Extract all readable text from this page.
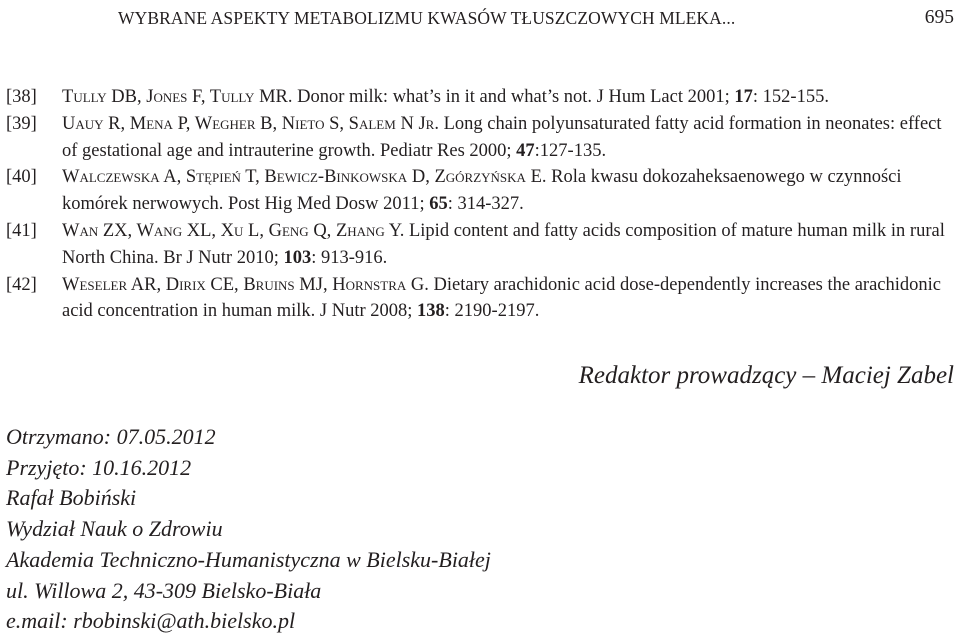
WYBRANE ASPEKTY METABOLIZMU KWASÓW TŁUSZCZOWYCH MLEKA...	695
[38] Tully DB, Jones F, Tully MR. Donor milk: what’s in it and what’s not. J Hum Lact 2001; 17: 152-155.
[39] Uauy R, Mena P, Wegher B, Nieto S, Salem N Jr. Long chain polyunsaturated fatty acid formation in neonates: effect of gestational age and intrauterine growth. Pediatr Res 2000; 47:127-135.
[40] Walczewska A, Stępień T, Bewicz-Binkowska D, Zgórzyńska E. Rola kwasu dokozaheksaenowego w czynności komórek nerwowych. Post Hig Med Dosw 2011; 65: 314-327.
[41] Wan ZX, Wang XL, Xu L, Geng Q, Zhang Y. Lipid content and fatty acids composition of mature human milk in rural North China. Br J Nutr 2010; 103: 913-916.
[42] Weseler AR, Dirix CE, Bruins MJ, Hornstra G. Dietary arachidonic acid dose-dependently increases the arachidonic acid concentration in human milk. J Nutr 2008; 138: 2190-2197.
Redaktor prowadzący – Maciej Zabel
Otrzymano: 07.05.2012
Przyjęto: 10.16.2012
Rafał Bobiński
Wydział Nauk o Zdrowiu
Akademia Techniczno-Humanistyczna w Bielsku-Białej
ul. Willowa 2, 43-309 Bielsko-Biała
e.mail: rbobinski@ath.bielsko.pl
